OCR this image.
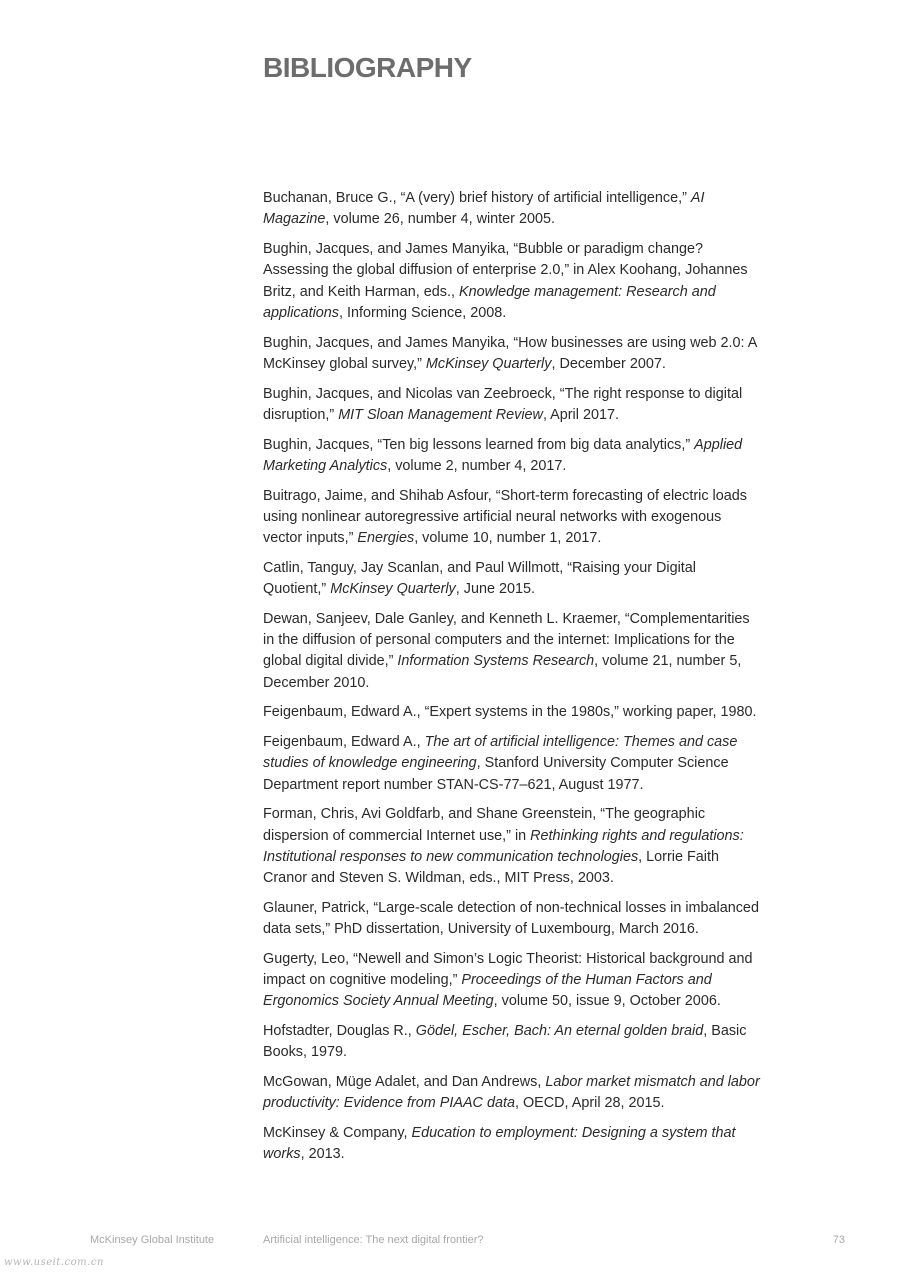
BIBLIOGRAPHY

Buchanan, Bruce G., “A (very) brief history of artificial intelligence,” AI Magazine, volume 26, number 4, winter 2005.

Bughin, Jacques, and James Manyika, “Bubble or paradigm change? Assessing the global diffusion of enterprise 2.0,” in Alex Koohang, Johannes Britz, and Keith Harman, eds., Knowledge management: Research and applications, Informing Science, 2008.

Bughin, Jacques, and James Manyika, “How businesses are using web 2.0: A McKinsey global survey,” McKinsey Quarterly, December 2007.

Bughin, Jacques, and Nicolas van Zeebroeck, “The right response to digital disruption,” MIT Sloan Management Review, April 2017.

Bughin, Jacques, “Ten big lessons learned from big data analytics,” Applied Marketing Analytics, volume 2, number 4, 2017.

Buitrago, Jaime, and Shihab Asfour, “Short-term forecasting of electric loads using nonlinear autoregressive artificial neural networks with exogenous vector inputs,” Energies, volume 10, number 1, 2017.

Catlin, Tanguy, Jay Scanlan, and Paul Willmott, “Raising your Digital Quotient,” McKinsey Quarterly, June 2015.

Dewan, Sanjeev, Dale Ganley, and Kenneth L. Kraemer, “Complementarities in the diffusion of personal computers and the internet: Implications for the global digital divide,” Information Systems Research, volume 21, number 5, December 2010.

Feigenbaum, Edward A., “Expert systems in the 1980s,” working paper, 1980.

Feigenbaum, Edward A., The art of artificial intelligence: Themes and case studies of knowledge engineering, Stanford University Computer Science Department report number STAN-CS-77–621, August 1977.

Forman, Chris, Avi Goldfarb, and Shane Greenstein, “The geographic dispersion of commercial Internet use,” in Rethinking rights and regulations: Institutional responses to new communication technologies, Lorrie Faith Cranor and Steven S. Wildman, eds., MIT Press, 2003.

Glauner, Patrick, “Large-scale detection of non-technical losses in imbalanced data sets,” PhD dissertation, University of Luxembourg, March 2016.

Gugerty, Leo, “Newell and Simon’s Logic Theorist: Historical background and impact on cognitive modeling,” Proceedings of the Human Factors and Ergonomics Society Annual Meeting, volume 50, issue 9, October 2006.

Hofstadter, Douglas R., Gödel, Escher, Bach: An eternal golden braid, Basic Books, 1979.

McGowan, Müge Adalet, and Dan Andrews, Labor market mismatch and labor productivity: Evidence from PIAAC data, OECD, April 28, 2015.

McKinsey & Company, Education to employment: Designing a system that works, 2013.

McKinsey Global Institute	Artificial intelligence: The next digital frontier?	73
www.useit.com.cn
